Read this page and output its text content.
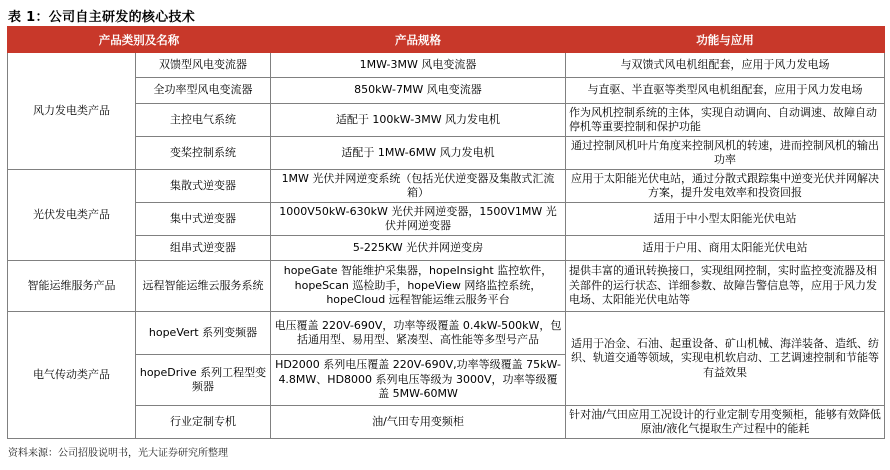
表 1：公司自主研发的核心技术
产品类别及名称		产品规格	功能与应用
风力发电类产品	双馈型风电变流器	1MW-3MW 风电变流器	与双馈式风电机组配套，应用于风力发电场
	全功率型风电变流器	850kW-7MW 风电变流器	与直驱、半直驱等类型风电机组配套，应用于风力发电场
	主控电气系统	适配于 100kW-3MW 风力发电机	作为风机控制系统的主体，实现自动调向、自动调速、故障自动停机等重要控制和保护功能
	变桨控制系统	适配于 1MW-6MW 风力发电机	通过控制风机叶片角度来控制风机的转速，进而控制风机的输出功率
光伏发电类产品	集散式逆变器	1MW 光伏并网逆变系统（包括光伏逆变器及集散式汇流箱）	应用于太阳能光伏电站，通过分散式跟踪集中逆变光伏并网解决方案，提升发电效率和投资回报
	集中式逆变器	1000V50kW-630kW 光伏并网逆变器，1500V1MW 光伏并网逆变器	适用于中小型太阳能光伏电站
	组串式逆变器	5-225KW 光伏并网逆变房	适用于户用、商用太阳能光伏电站
智能运维服务产品	远程智能运维云服务系统	hopeGate 智能维护采集器，hopeInsight 监控软件，hopeScan 巡检助手，hopeView 网络监控系统，hopeCloud 远程智能运维云服务平台	提供丰富的通讯转换接口，实现组网控制，实时监控变流器及相关部件的运行状态、详细参数、故障告警信息等，应用于风力发电场、太阳能光伏电站等
电气传动类产品	hopeVert 系列变频器	电压覆盖 220V-690V，功率等级覆盖 0.4kW-500kW，包括通用型、易用型、紧凑型、高性能等多型号产品	适用于冶金、石油、起重设备、矿山机械、海洋装备、造纸、纺织、轨道交通等领域，实现电机软启动、工艺调速控制和节能等有益效果
	hopeDrive 系列工程型变频器	HD2000 系列电压覆盖 220V-690V,功率等级覆盖 75kW-4.8MW、HD8000 系列电压等级为 3000V，功率等级覆盖 5MW-60MW	
	行业定制专机	油/气田专用变频柜	针对油/气田应用工况设计的行业定制专用变频柜，能够有效降低原油/液化气提取生产过程中的能耗
资料来源：公司招股说明书，光大证券研究所整理
